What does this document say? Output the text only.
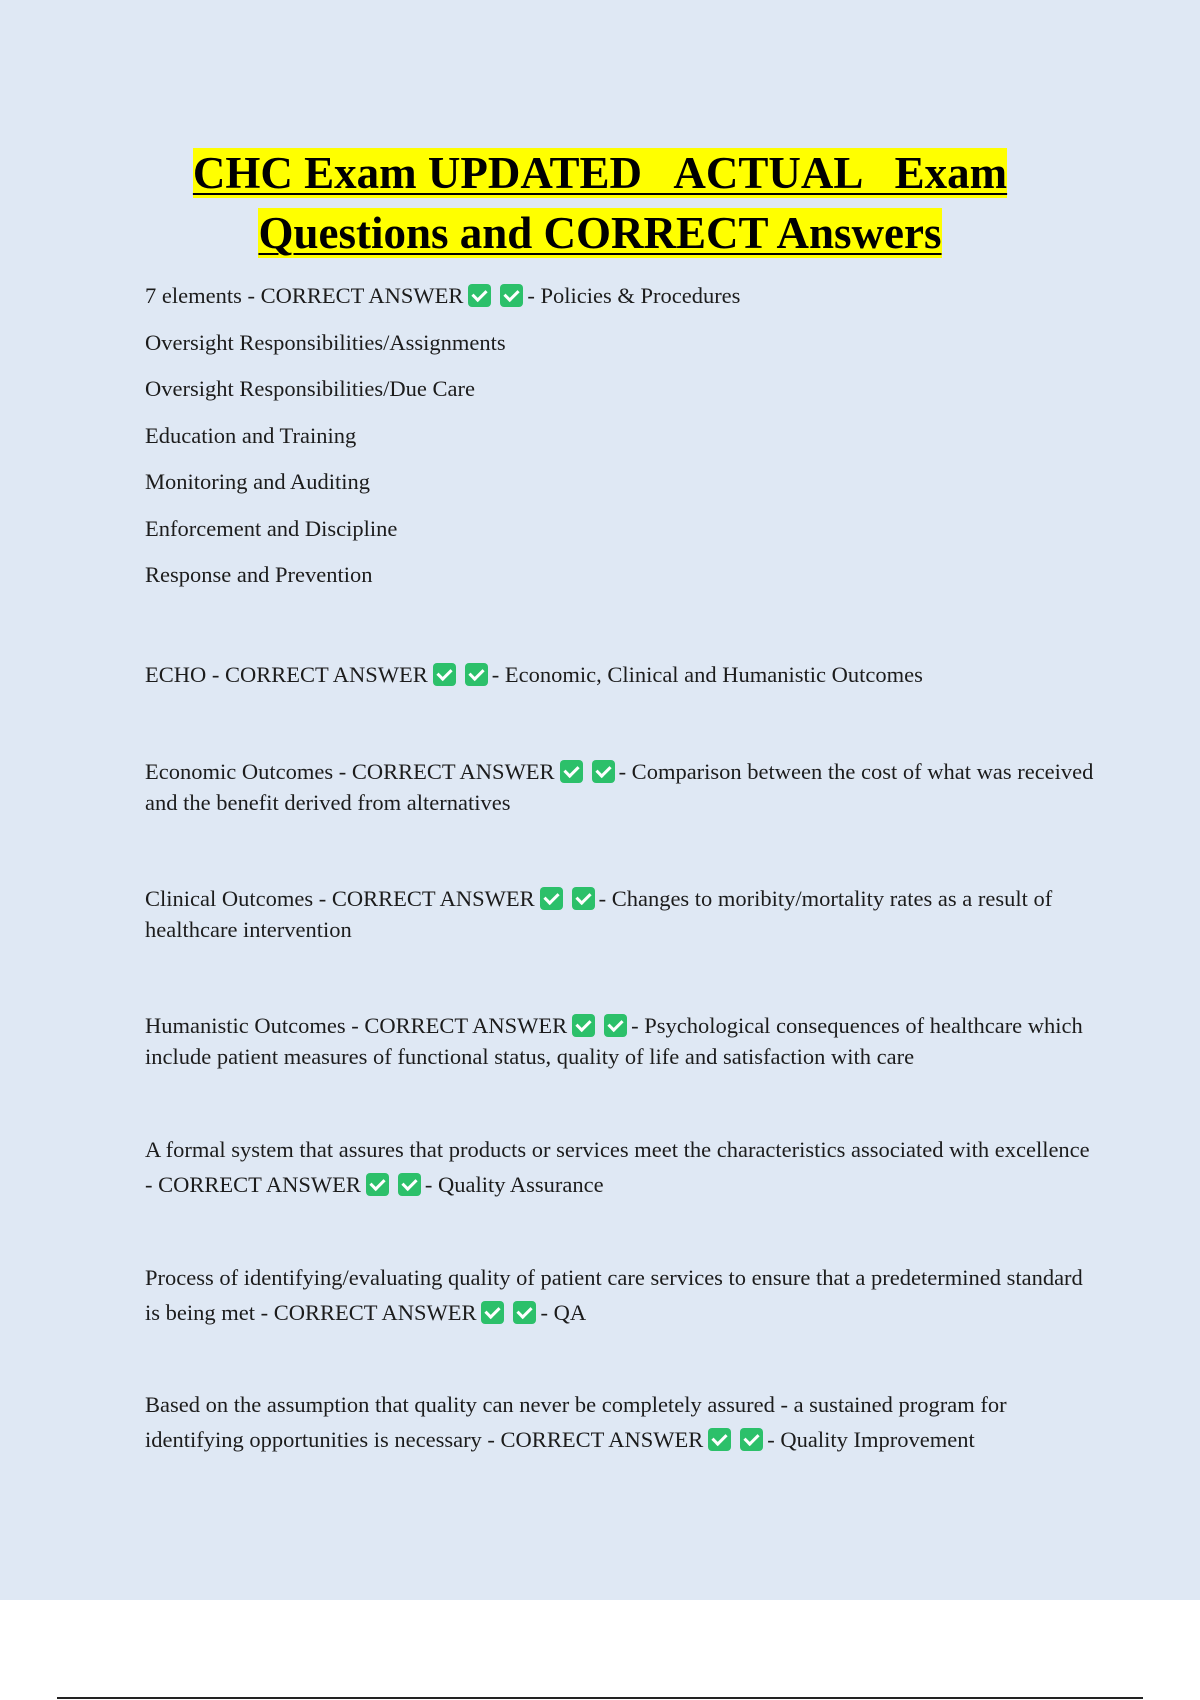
CHC Exam UPDATED   ACTUAL   Exam
Questions and CORRECT Answers
7 elements - CORRECT ANSWER	- Policies & Procedures
Oversight Responsibilities/Assignments
Oversight Responsibilities/Due Care
Education and Training
Monitoring and Auditing
Enforcement and Discipline
Response and Prevention
ECHO - CORRECT ANSWER	- Economic, Clinical and Humanistic Outcomes
Economic Outcomes - CORRECT ANSWER	- Comparison between the cost of what was received and the benefit derived from alternatives
Clinical Outcomes - CORRECT ANSWER	- Changes to moribity/mortality rates as a result of healthcare intervention
Humanistic Outcomes - CORRECT ANSWER	- Psychological consequences of healthcare which include patient measures of functional status, quality of life and satisfaction with care
A formal system that assures that products or services meet the characteristics associated with excellence - CORRECT ANSWER	- Quality Assurance
Process of identifying/evaluating quality of patient care services to ensure that a predetermined standard is being met - CORRECT ANSWER	- QA
Based on the assumption that quality can never be completely assured - a sustained program for identifying opportunities is necessary - CORRECT ANSWER	- Quality Improvement
